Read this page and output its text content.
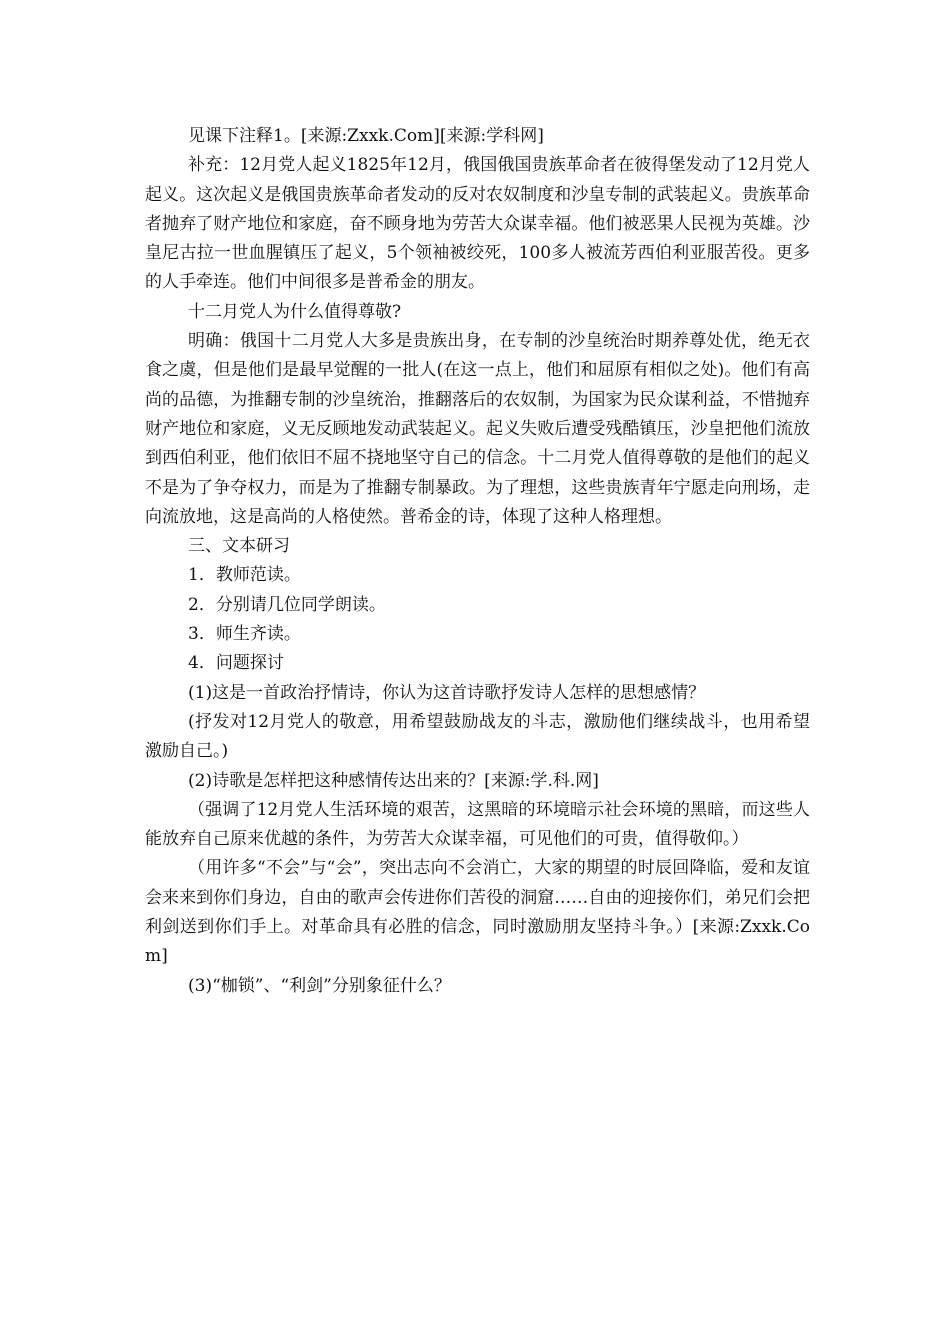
见课下注释1。[来源:Zxxk.Com][来源:学科网]

补充：12月党人起义1825年12月，俄国俄国贵族革命者在彼得堡发动了12月党人起义。这次起义是俄国贵族革命者发动的反对农奴制度和沙皇专制的武装起义。贵族革命者抛弃了财产地位和家庭，奋不顾身地为劳苦大众谋幸福。他们被恶果人民视为英雄。沙皇尼古拉一世血腥镇压了起义，5个领袖被绞死，100多人被流芳西伯利亚服苦役。更多的人手牵连。他们中间很多是普希金的朋友。

十二月党人为什么值得尊敬?

明确：俄国十二月党人大多是贵族出身，在专制的沙皇统治时期养尊处优，绝无衣食之虞，但是他们是最早觉醒的一批人(在这一点上，他们和屈原有相似之处)。他们有高尚的品德，为推翻专制的沙皇统治，推翻落后的农奴制，为国家为民众谋利益，不惜抛弃财产地位和家庭，义无反顾地发动武装起义。起义失败后遭受残酷镇压，沙皇把他们流放到西伯利亚，他们依旧不屈不挠地坚守自己的信念。十二月党人值得尊敬的是他们的起义不是为了争夺权力，而是为了推翻专制暴政。为了理想，这些贵族青年宁愿走向刑场，走向流放地，这是高尚的人格使然。普希金的诗，体现了这种人格理想。

三、文本研习

1．教师范读。

2．分别请几位同学朗读。

3．师生齐读。

4．问题探讨

(1)这是一首政治抒情诗，你认为这首诗歌抒发诗人怎样的思想感情？

(抒发对12月党人的敬意，用希望鼓励战友的斗志，激励他们继续战斗，也用希望激励自己。)

(2)诗歌是怎样把这种感情传达出来的？[来源:学.科.网]

（强调了12月党人生活环境的艰苦，这黑暗的环境暗示社会环境的黑暗，而这些人能放弃自己原来优越的条件，为劳苦大众谋幸福，可见他们的可贵，值得敬仰。）

（用许多“不会”与“会”，突出志向不会消亡，大家的期望的时辰回降临，爱和友谊会来来到你们身边，自由的歌声会传进你们苦役的洞窟……自由的迎接你们，弟兄们会把利剑送到你们手上。对革命具有必胜的信念，同时激励朋友坚持斗争。）[来源:Zxxk.Com]

(3)“枷锁”、“利剑”分别象征什么？
